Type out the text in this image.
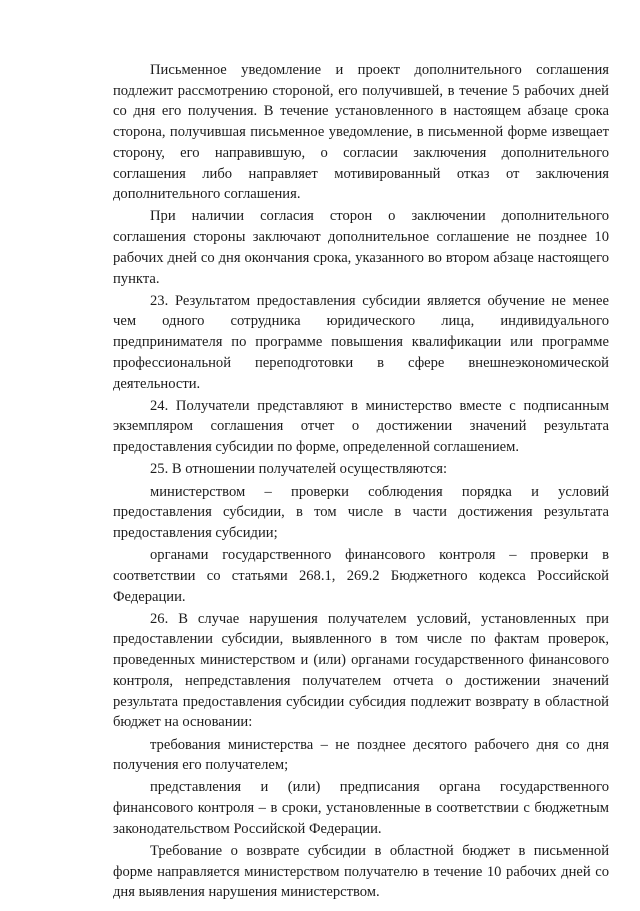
Письменное уведомление и проект дополнительного соглашения подлежит рассмотрению стороной, его получившей, в течение 5 рабочих дней со дня его получения. В течение установленного в настоящем абзаце срока сторона, получившая письменное уведомление, в письменной форме извещает сторону, его направившую, о согласии заключения дополнительного соглашения либо направляет мотивированный отказ от заключения дополнительного соглашения.

При наличии согласия сторон о заключении дополнительного соглашения стороны заключают дополнительное соглашение не позднее 10 рабочих дней со дня окончания срока, указанного во втором абзаце настоящего пункта.

23. Результатом предоставления субсидии является обучение не менее чем одного сотрудника юридического лица, индивидуального предпринимателя по программе повышения квалификации или программе профессиональной переподготовки в сфере внешнеэкономической деятельности.

24. Получатели представляют в министерство вместе с подписанным экземпляром соглашения отчет о достижении значений результата предоставления субсидии по форме, определенной соглашением.

25. В отношении получателей осуществляются:

министерством – проверки соблюдения порядка и условий предоставления субсидии, в том числе в части достижения результата предоставления субсидии;

органами государственного финансового контроля – проверки в соответствии со статьями 268.1, 269.2 Бюджетного кодекса Российской Федерации.

26. В случае нарушения получателем условий, установленных при предоставлении субсидии, выявленного в том числе по фактам проверок, проведенных министерством и (или) органами государственного финансового контроля, непредставления получателем отчета о достижении значений результата предоставления субсидии субсидия подлежит возврату в областной бюджет на основании:

требования министерства – не позднее десятого рабочего дня со дня получения его получателем;

представления и (или) предписания органа государственного финансового контроля – в сроки, установленные в соответствии с бюджетным законодательством Российской Федерации.

Требование о возврате субсидии в областной бюджет в письменной форме направляется министерством получателю в течение 10 рабочих дней со дня выявления нарушения министерством.
